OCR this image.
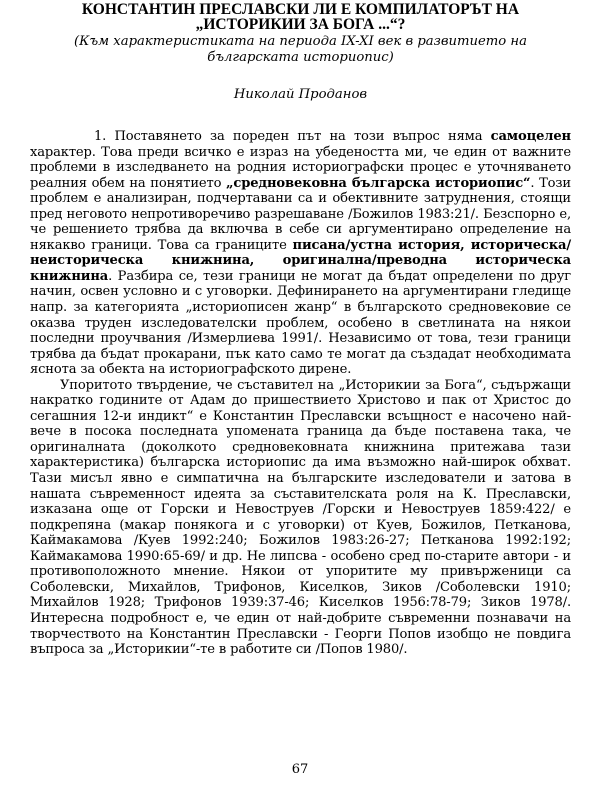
КОНСТАНТИН ПРЕСЛАВСКИ ЛИ Е КОМПИЛАТОРЪТ НА
„ИСТОРИКИИ ЗА БОГА ...“?

(Към характеристиката на периода IX-XI век в развитието на
българската историопис)

Николай Проданов

1. Поставянето за пореден път на този въпрос няма самоцелен характер. Това преди всичко е израз на убедеността ми, че един от важните проблеми в изследването на родния историографски процес е уточняването реалния обем на понятието „средновековна българска историопис“. Този проблем е анализиран, подчертавани са и обективните затруднения, стоящи пред неговото непротиворечиво разрешаване /Божилов 1983:21/. Безспорно е, че решението трябва да включва в себе си аргументирано определение на някакво граници. Това са границите писана/устна история, историческа/неисторическа книжнина, оригинална/преводна историческа книжнина. Разбира се, тези граници не могат да бъдат определени по друг начин, освен условно и с уговорки. Дефинирането на аргументирани гледище напр. за категорията „историописен жанр“ в българското средновековие се оказва труден изследователски проблем, особено в светлината на някои последни проучвания /Измерлиева 1991/. Независимо от това, тези граници трябва да бъдат прокарани, пък като само те могат да създадат необходимата яснота за обекта на историографското дирене.

Упоритото твърдение, че съставител на „Историкии за Бога“, съдържащи накратко годините от Адам до пришествието Христово и пак от Христос до сегашния 12-и индикт“ е Константин Преславски всъщност е насочено най-вече в посока последната упомената граница да бъде поставена така, че оригиналната (доколкото средновековната книжнина притежава тази характеристика) българска историопис да има възможно най-широк обхват. Тази мисъл явно е симпатична на българските изследователи и затова в нашата съвременност идеята за съставителската роля на К. Преславски, изказана още от Горски и Невоструев /Горски и Невоструев 1859:422/ е подкрепяна (макар понякога и с уговорки) от Куев, Божилов, Петканова, Каймакамова /Куев 1992:240; Божилов 1983:26-27; Петканова 1992:192; Каймакамова 1990:65-69/ и др. Не липсва - особено сред по-старите автори - и противоположното мнение. Някои от упоритите му привърженици са Соболевски, Михайлов, Трифонов, Киселков, Зиков /Соболевски 1910; Михайлов 1928; Трифонов 1939:37-46; Киселков 1956:78-79; Зиков 1978/. Интересна подробност е, че един от най-добрите съвременни познавачи на творчеството на Константин Преславски - Георги Попов изобщо не повдига въпроса за „Историкии“-те в работите си /Попов 1980/.

67
